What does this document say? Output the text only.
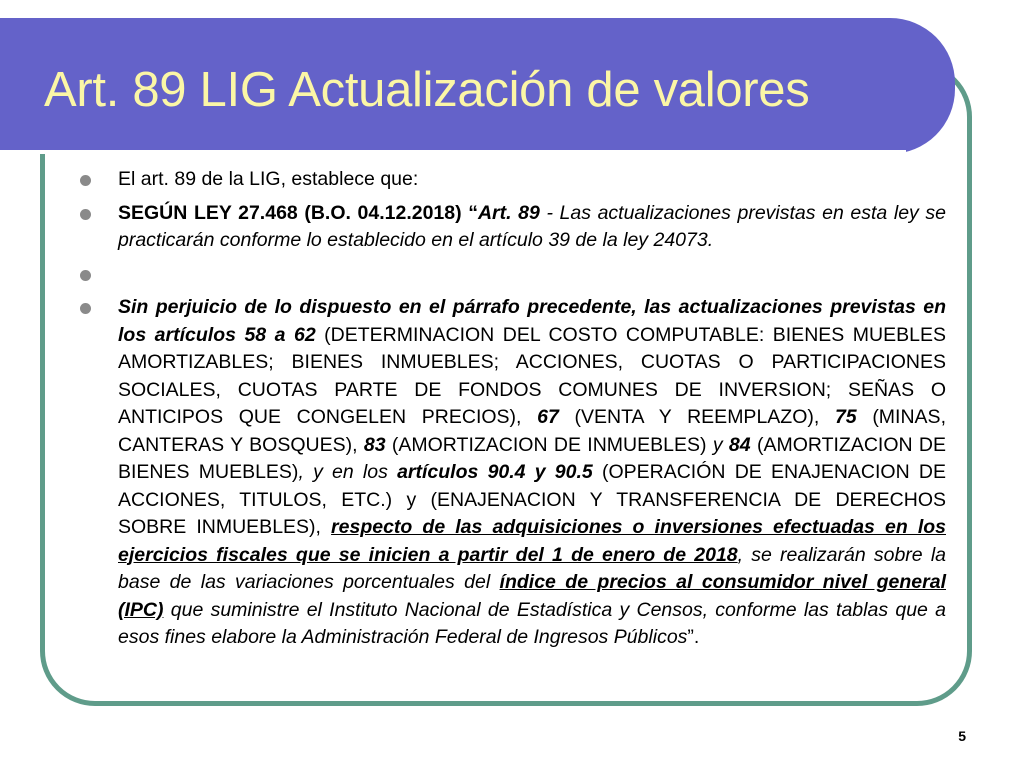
Art. 89 LIG Actualización de valores
El art. 89 de la LIG, establece que:
SEGÚN LEY 27.468 (B.O. 04.12.2018) “Art. 89 - Las actualizaciones previstas en esta ley se practicarán conforme lo establecido en el artículo 39 de la ley 24073.
Sin perjuicio de lo dispuesto en el párrafo precedente, las actualizaciones previstas en los artículos 58 a 62 (DETERMINACION DEL COSTO COMPUTABLE: BIENES MUEBLES AMORTIZABLES; BIENES INMUEBLES; ACCIONES, CUOTAS O PARTICIPACIONES SOCIALES, CUOTAS PARTE DE FONDOS COMUNES DE INVERSION; SEÑAS O ANTICIPOS QUE CONGELEN PRECIOS), 67 (VENTA Y REEMPLAZO), 75 (MINAS, CANTERAS Y BOSQUES), 83 (AMORTIZACION DE INMUEBLES) y 84 (AMORTIZACION DE BIENES MUEBLES), y en los artículos 90.4 y 90.5 (OPERACIÓN DE ENAJENACION DE ACCIONES, TITULOS, ETC.) y (ENAJENACION Y TRANSFERENCIA DE DERECHOS SOBRE INMUEBLES), respecto de las adquisiciones o inversiones efectuadas en los ejercicios fiscales que se inicien a partir del 1 de enero de 2018, se realizarán sobre la base de las variaciones porcentuales del índice de precios al consumidor nivel general (IPC) que suministre el Instituto Nacional de Estadística y Censos, conforme las tablas que a esos fines elabore la Administración Federal de Ingresos Públicos”.
5
